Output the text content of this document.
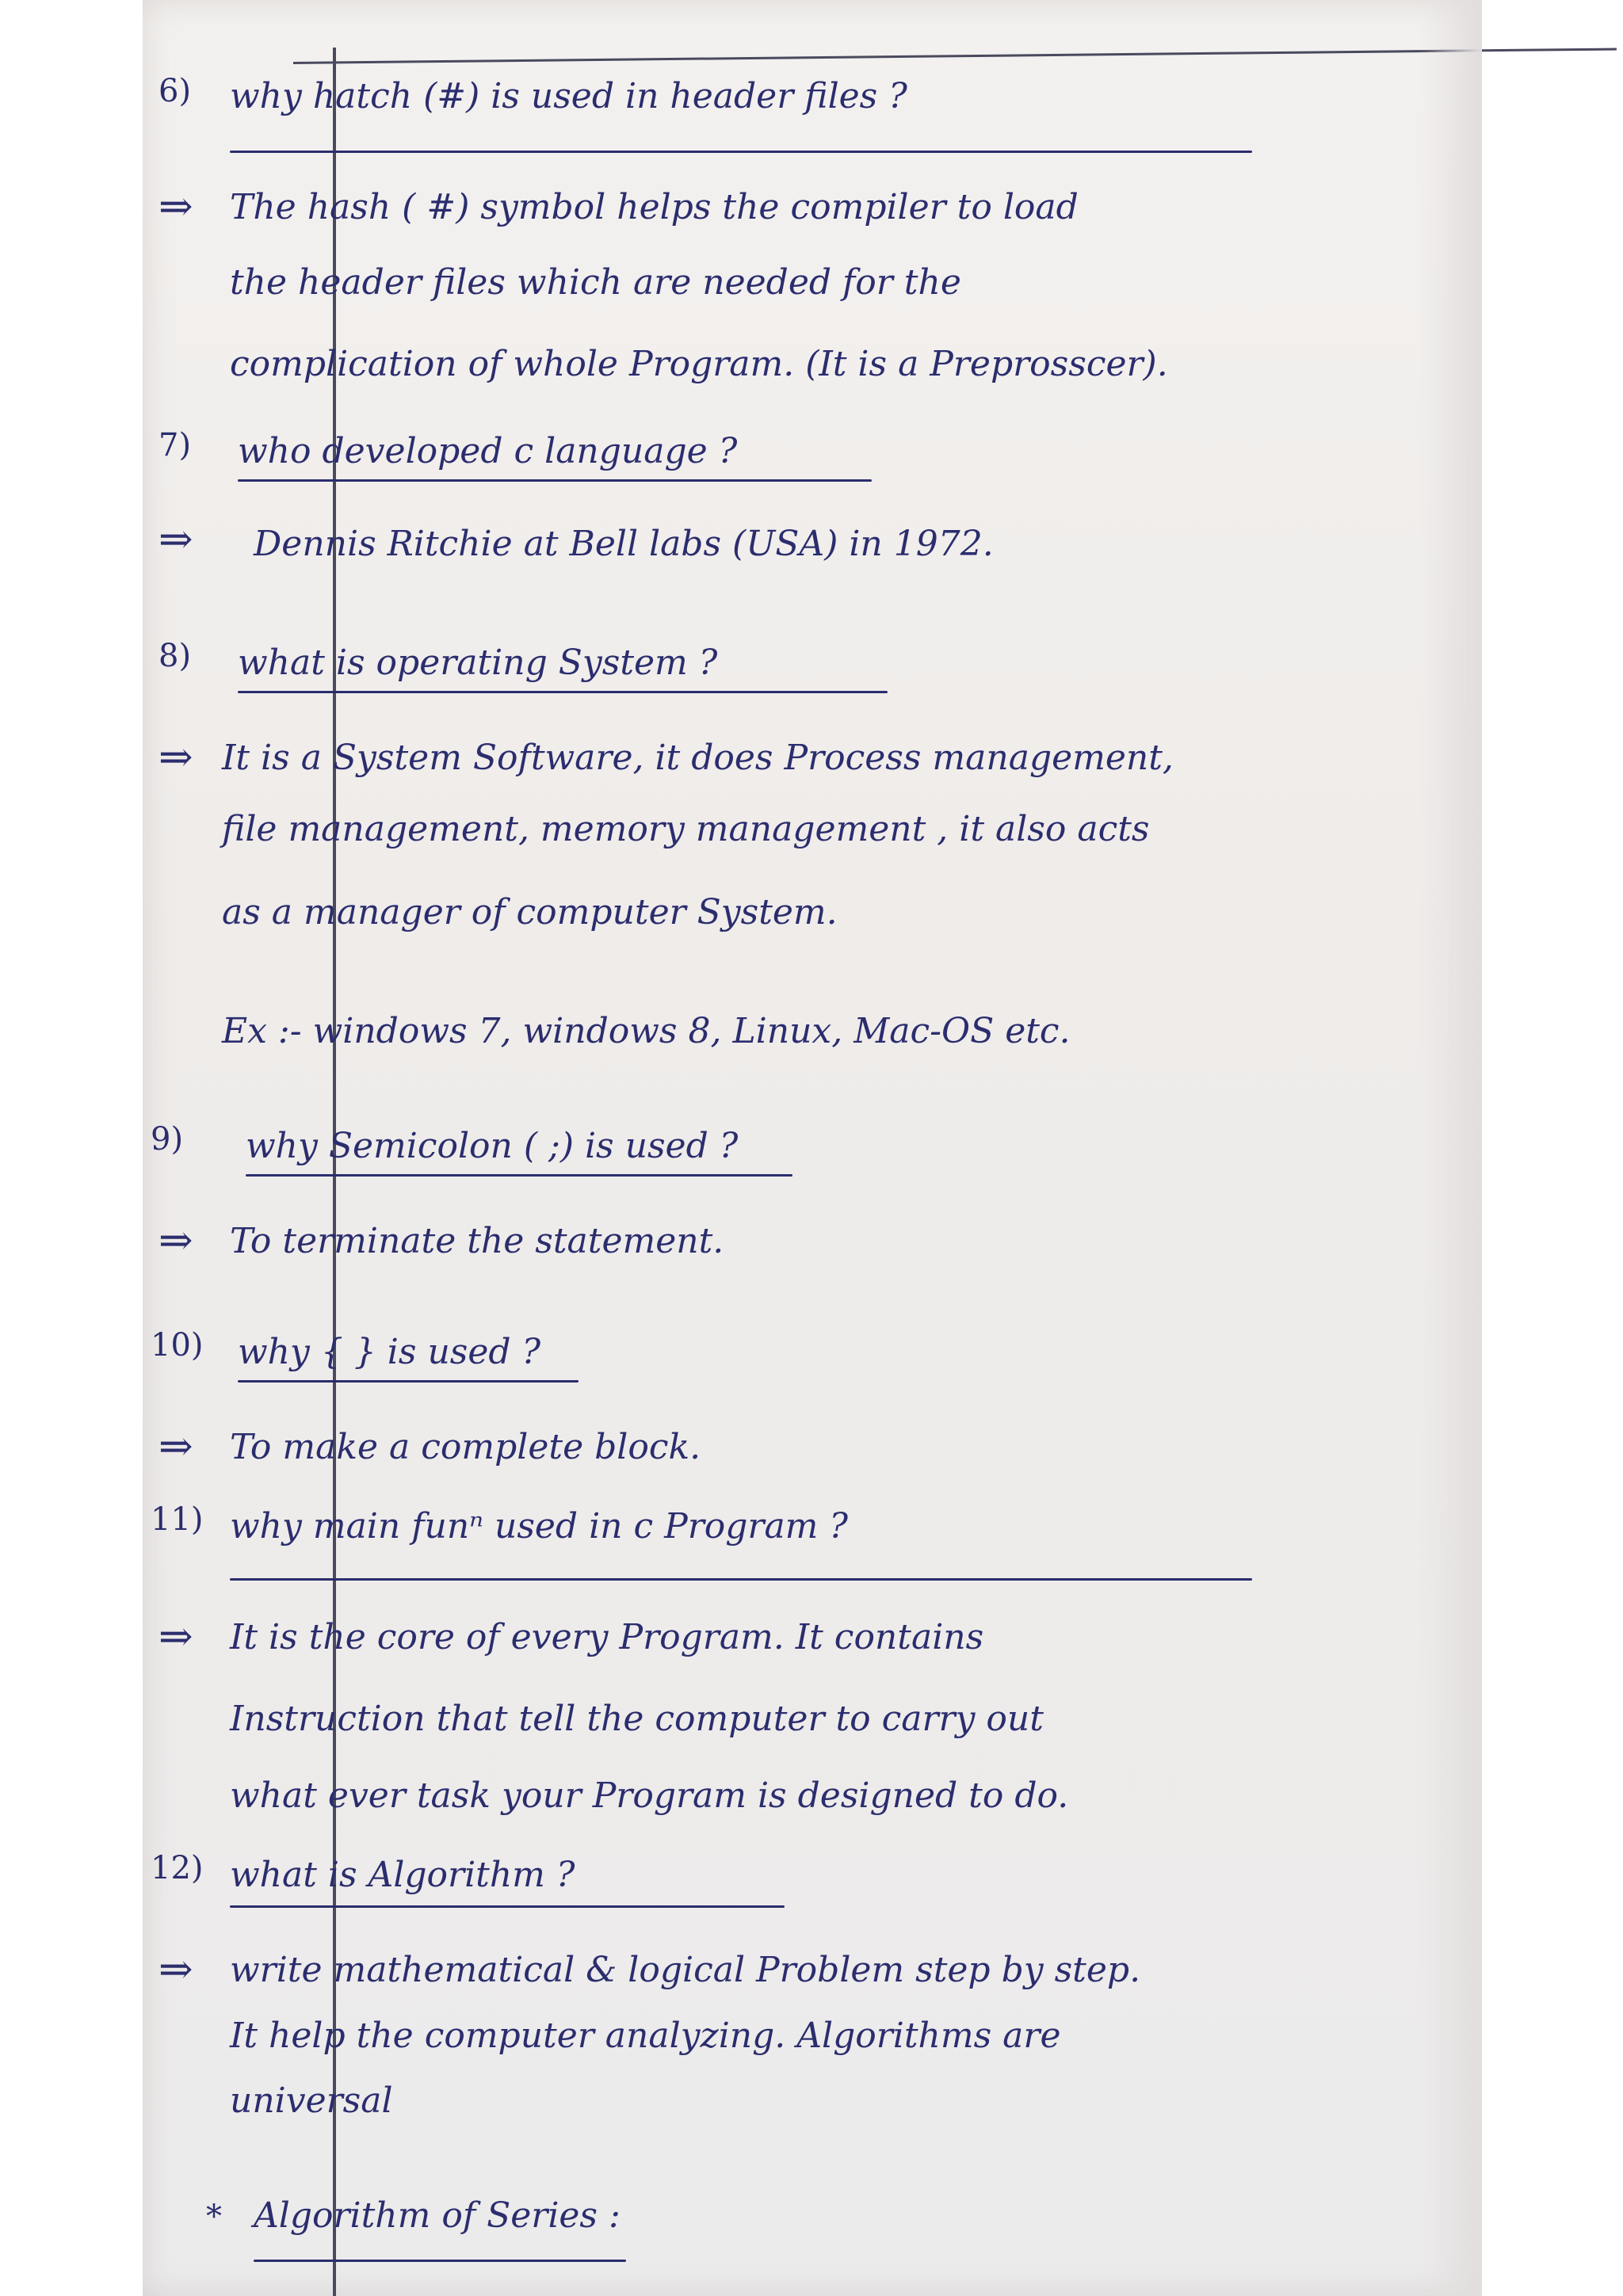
6) why hatch (#) is used in header files ?
⇒ The hash ( #) symbol helps the compiler to load
the header files which are needed for the
complication of whole Program. (It is a Preprosscer).
7) who developed c language ?
⇒ Dennis Ritchie at Bell labs (USA) in 1972.
8) what is operating System ?
⇒ It is a System Software, it does Process management,
file management, memory management , it also acts
as a manager of computer System.
Ex :- windows 7, windows 8, Linux, Mac-OS etc.
9) why Semicolon ( ;) is used ?
⇒ To terminate the statement.
10) why { } is used ?
⇒ To make a complete block.
11) why main funⁿ used in c Program ?
⇒ It is the core of every Program. It contains
Instruction that tell the computer to carry out
what ever task your Program is designed to do.
12) what is Algorithm ?
⇒ write mathematical & logical Problem step by step.
It help the computer analyzing. Algorithms are
universal
* Algorithm of Series :
